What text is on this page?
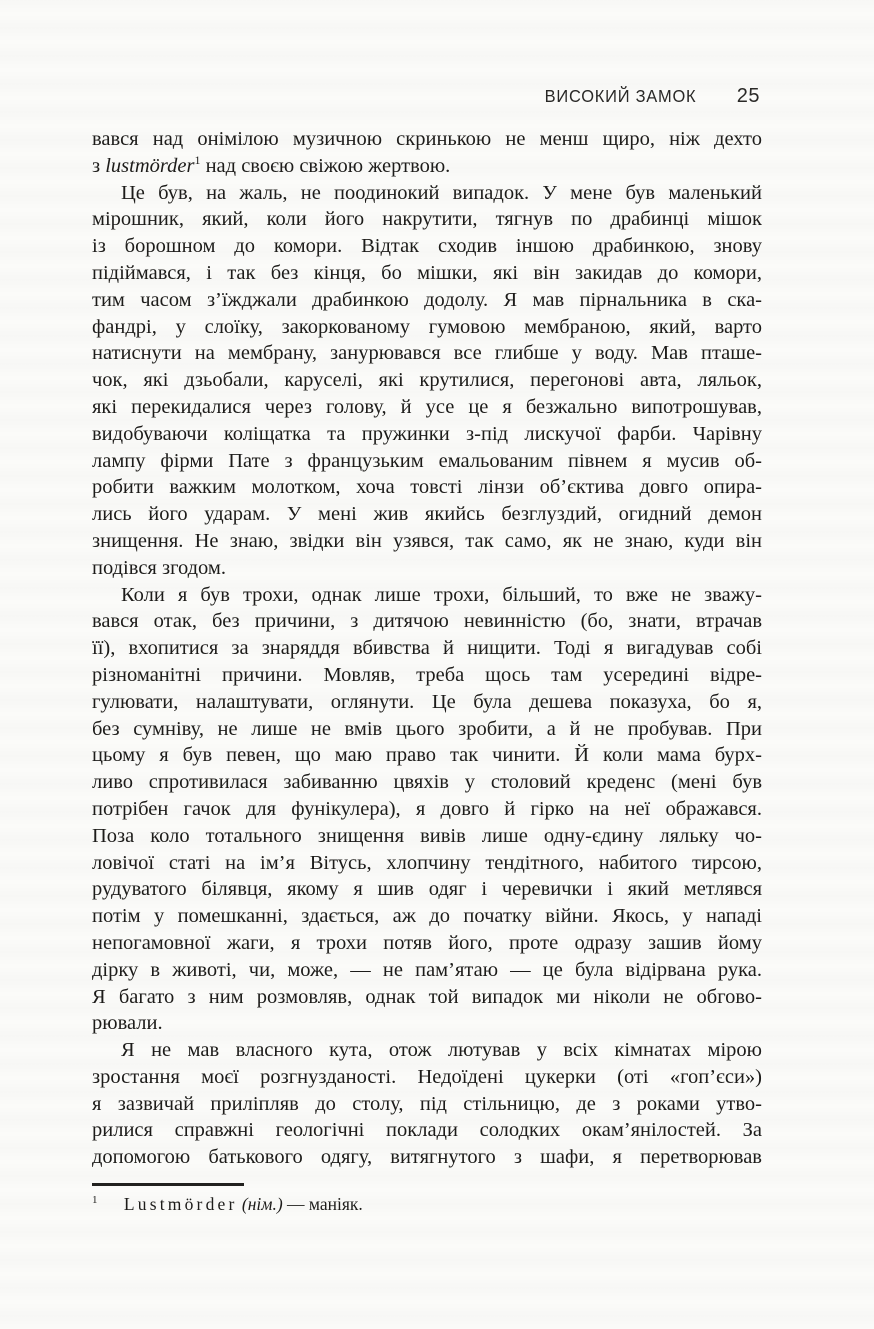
ВИСОКИЙ ЗАМОК 25
вався над онімілою музичною скринькою не менш щиро, ніж дехто
з lustmörder$^1$ над своєю свіжою жертвою.
Це був, на жаль, не поодинокий випадок. У мене був маленький
мірошник, який, коли його накрутити, тягнув по драбинці мішок
із борошном до комори. Відтак сходив іншою драбинкою, знову
підіймався, і так без кінця, бо мішки, які він закидав до комори,
тим часом з’їжджали драбинкою додолу. Я мав пірнальника в ска-
фандрі, у слоїку, закоркованому гумовою мембраною, який, варто
натиснути на мембрану, занурювався все глибше у воду. Мав пташе-
чок, які дзьобали, каруселі, які крутилися, перегонові авта, ляльок,
які перекидалися через голову, й усе це я безжально випотрошував,
видобуваючи коліщатка та пружинки з-під лискучої фарби. Чарівну
лампу фірми Пате з французьким емальованим півнем я мусив об-
робити важким молотком, хоча товсті лінзи об’єктива довго опира-
лись його ударам. У мені жив якийсь безглуздий, огидний демон
знищення. Не знаю, звідки він узявся, так само, як не знаю, куди він
подівся згодом.
Коли я був трохи, однак лише трохи, більший, то вже не зважу-
вався отак, без причини, з дитячою невинністю (бо, знати, втрачав
її), вхопитися за знаряддя вбивства й нищити. Тоді я вигадував собі
різноманітні причини. Мовляв, треба щось там усередині відре-
гулювати, налаштувати, оглянути. Це була дешева показуха, бо я,
без сумніву, не лише не вмів цього зробити, а й не пробував. При
цьому я був певен, що маю право так чинити. Й коли мама бурх-
ливо спротивилася забиванню цвяхів у столовий креденс (мені був
потрібен гачок для фунікулера), я довго й гірко на неї ображався.
Поза коло тотального знищення вивів лише одну-єдину ляльку чо-
ловічої статі на ім’я Вітусь, хлопчину тендітного, набитого тирсою,
рудуватого білявця, якому я шив одяг і черевички і який метлявся
потім у помешканні, здається, аж до початку війни. Якось, у нападі
непогамовної жаги, я трохи потяв його, проте одразу зашив йому
дірку в животі, чи, може, — не пам’ятаю — це була відірвана рука.
Я багато з ним розмовляв, однак той випадок ми ніколи не обгово-
рювали.
Я не мав власного кута, отож лютував у всіх кімнатах мірою
зростання моєї розгнузданості. Недоїдені цукерки (оті «гоп’єси»)
я зазвичай приліпляв до столу, під стільницю, де з роками утво-
рилися справжні геологічні поклади солодких окам’янілостей. За
допомогою батькового одягу, витягнутого з шафи, я перетворював
$^1$ Lustmörder (нім.) — маніяк.
